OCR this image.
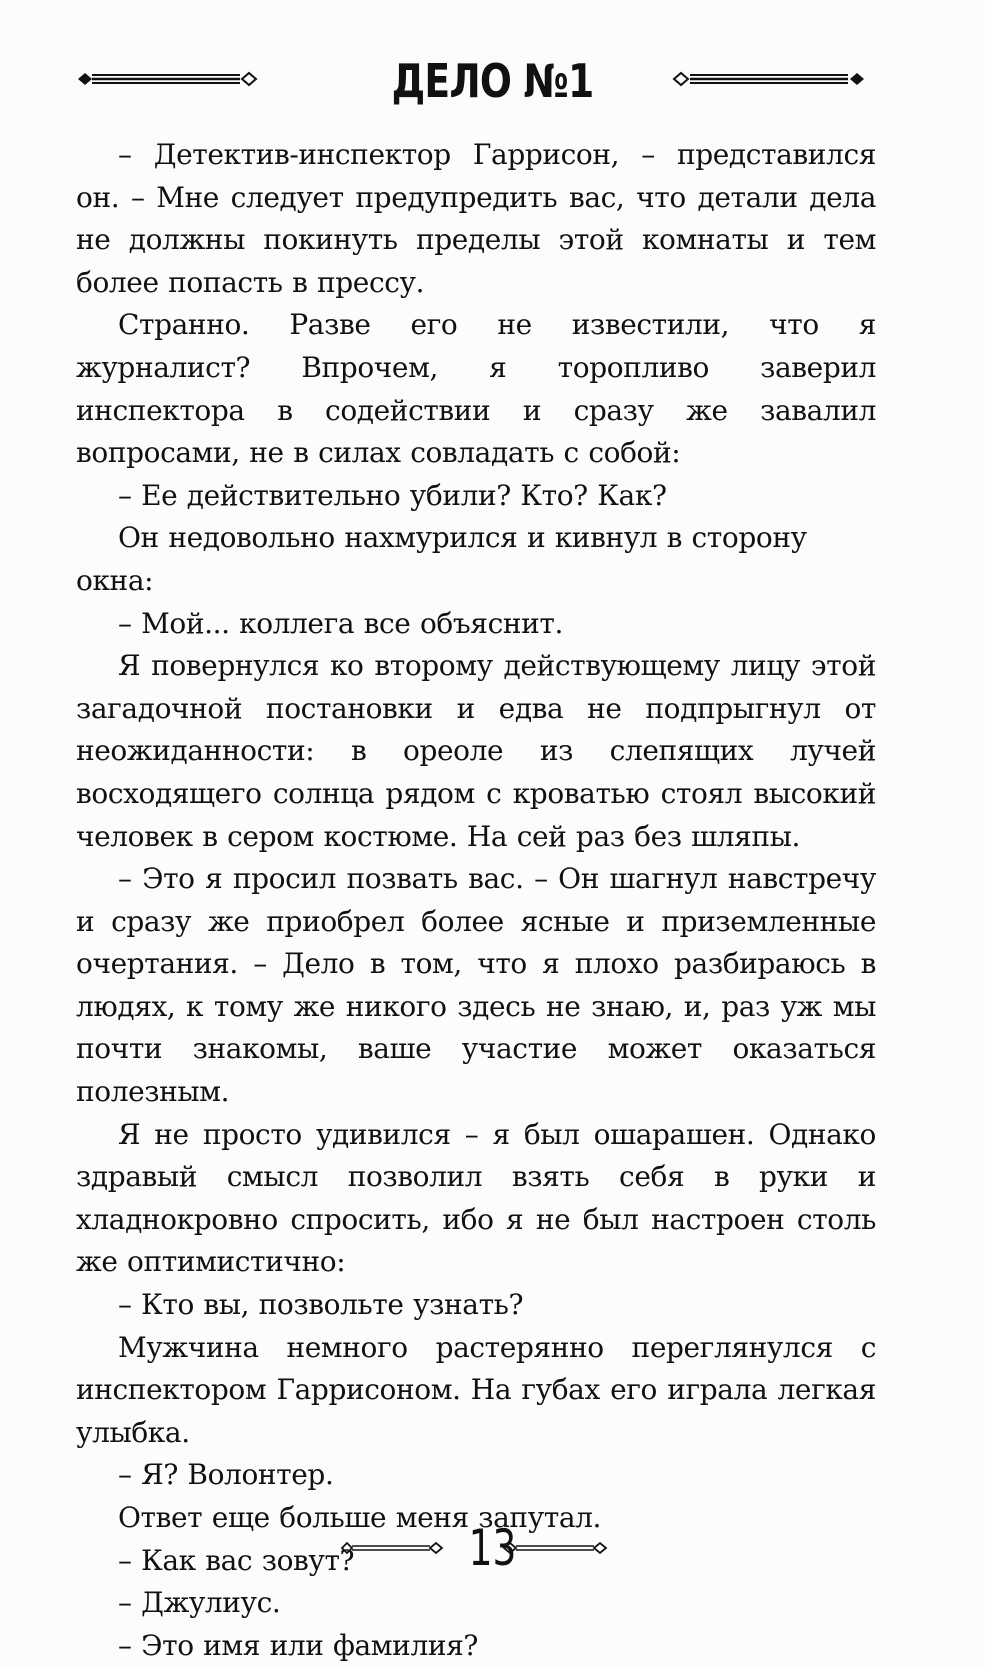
ДЕЛО №1

– Детектив-инспектор Гаррисон, – представился он. – Мне следует предупредить вас, что детали дела не должны покинуть пределы этой комнаты и тем более попасть в прессу.

Странно. Разве его не известили, что я журналист? Впрочем, я торопливо заверил инспектора в содействии и сразу же завалил вопросами, не в силах совладать с собой:

– Ее действительно убили? Кто? Как?

Он недовольно нахмурился и кивнул в сторону окна:

– Мой... коллега все объяснит.

Я повернулся ко второму действующему лицу этой загадочной постановки и едва не подпрыгнул от неожиданности: в ореоле из слепящих лучей восходящего солнца рядом с кроватью стоял высокий человек в сером костюме. На сей раз без шляпы.

– Это я просил позвать вас. – Он шагнул навстречу и сразу же приобрел более ясные и приземленные очертания. – Дело в том, что я плохо разбираюсь в людях, к тому же никого здесь не знаю, и, раз уж мы почти знакомы, ваше участие может оказаться полезным.

Я не просто удивился – я был ошарашен. Однако здравый смысл позволил взять себя в руки и хладнокровно спросить, ибо я не был настроен столь же оптимистично:

– Кто вы, позвольте узнать?

Мужчина немного растерянно переглянулся с инспектором Гаррисоном. На губах его играла легкая улыбка.

– Я? Волонтер.

Ответ еще больше меня запутал.

– Как вас зовут?

– Джулиус.

– Это имя или фамилия?

13
